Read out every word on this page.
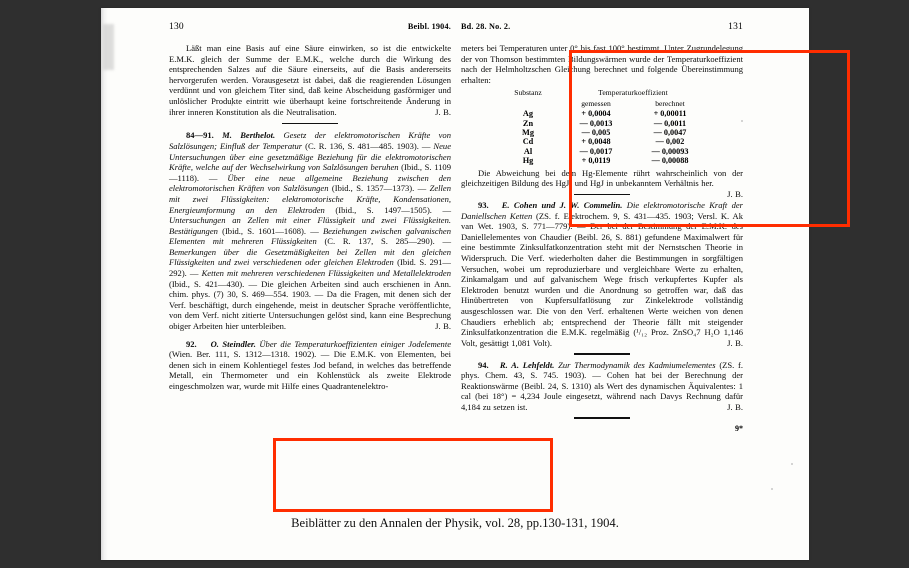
130	Beibl. 1904.

Läßt man eine Basis auf eine Säure einwirken, so ist die entwickelte E.M.K. gleich der Summe der E.M.K., welche durch die Wirkung des entsprechenden Salzes auf die Säure einerseits, auf die Basis andererseits hervorgerufen werden. Vorausgesetzt ist dabei, daß die reagierenden Lösungen verdünnt und von gleichem Titer sind, daß keine Abscheidung gasförmiger und unlöslicher Produkte eintritt wie überhaupt keine fortschreitende Änderung in ihrer inneren Konstitution als die Neutralisation.	J. B.

84—91. M. Berthelot. Gesetz der elektromotorischen Kräfte von Salzlösungen; Einfluß der Temperatur (C. R. 136, S. 481—485. 1903). — Neue Untersuchungen über eine gesetzmäßige Beziehung für die elektromotorischen Kräfte, welche auf der Wechselwirkung von Salzlösungen beruhen (Ibid., S. 1109—1118). — Über eine neue allgemeine Beziehung zwischen den elektromotorischen Kräften von Salzlösungen (Ibid., S. 1357—1373). — Zellen mit zwei Flüssigkeiten: elektromotorische Kräfte, Kondensationen, Energieumformung an den Elektroden (Ibid., S. 1497—1505). — Untersuchungen an Zellen mit einer Flüssigkeit und zwei Flüssigkeiten. Bestätigungen (Ibid., S. 1601—1608). — Beziehungen zwischen galvanischen Elementen mit mehreren Flüssigkeiten (C. R. 137, S. 285—290). — Bemerkungen über die Gesetzmäßigkeiten bei Zellen mit den gleichen Flüssigkeiten und zwei verschiedenen oder gleichen Elektroden (Ibid. S. 291—292). — Ketten mit mehreren verschiedenen Flüssigkeiten und Metallelektroden (Ibid., S. 421—430). — Die gleichen Arbeiten sind auch erschienen in Ann. chim. phys. (7) 30, S. 469—554. 1903. — Da die Fragen, mit denen sich der Verf. beschäftigt, durch eingehende, meist in deutscher Sprache veröffentlichte, von dem Verf. nicht zitierte Untersuchungen gelöst sind, kann eine Besprechung obiger Arbeiten hier unterbleiben.	J. B.

92. O. Steindler. Über die Temperaturkoeffizienten einiger Jodelemente (Wien. Ber. 111, S. 1312—1318. 1902). — Die E.M.K. von Elementen, bei denen sich in einem Kohlentiegel festes Jod befand, in welches das betreffende Metall, ein Thermometer und ein Kohlenstück als zweite Elektrode eingeschmolzen war, wurde mit Hilfe eines Quadrantenelektro-

Bd. 28. No. 2.	131

meters bei Temperaturen unter 0° bis fast 100° bestimmt. Unter Zugrundelegung der von Thomson bestimmten Bildungswärmen wurde der Temperaturkoeffizient nach der Helmholtzschen Gleichung berechnet und folgende Übereinstimmung erhalten:

Substanz	Temperaturkoeffizient	
	gemessen	berechnet
Ag	+ 0,0004	+ 0,00011
Zn	— 0,0013	— 0,0011
Mg	— 0,005	— 0,0047
Cd	+ 0,0048	— 0,002
Al	— 0,0017	— 0,00093
Hg	+ 0,0119	— 0,00088

Die Abweichung bei dem Hg-Elemente rührt wahrscheinlich von der gleichzeitigen Bildung des HgJ₂ und HgJ in unbekanntem Verhältnis her.
J. B.

93. E. Cohen und J. W. Commelin. Die elektromotorische Kraft der Daniellschen Ketten (ZS. f. Elektrochem. 9, S. 431—435. 1903; Versl. K. Ak van Wet. 1903, S. 771—779). — Der bei der Bestimmung der E.M.K. des Daniellelementes von Chaudier (Beibl. 26, S. 881) gefundene Maximalwert für eine bestimmte Zinksulfatkonzentration steht mit der Nernstschen Theorie in Widerspruch. Die Verf. wiederholten daher die Bestimmungen in sorgfältigen Versuchen, wobei um reproduzierbare und vergleichbare Werte zu erhalten, Zinkamalgam und auf galvanischem Wege frisch verkupfertes Kupfer als Elektroden benutzt wurden und die Anordnung so getroffen war, daß das Hinübertreten von Kupfersulfatlösung zur Zinkelektrode vollständig ausgeschlossen war. Die von den Verf. erhaltenen Werte weichen von denen Chaudiers erheblich ab; entsprechend der Theorie fällt mit steigender Zinksulfatkonzentration die E.M.K. regelmäßig (¹/₁₂ Proz. ZnSO₄7 H₂O 1,146 Volt, gesättigt 1,081 Volt).	J. B.

94. R. A. Lehfeldt. Zur Thermodynamik des Kadmiumelementes (ZS. f. phys. Chem. 43, S. 745. 1903). — Cohen hat bei der Berechnung der Reaktionswärme (Beibl. 24, S. 1310) als Wert des dynamischen Äquivalentes: 1 cal (bei 18°) = 4,234 Joule eingesetzt, während nach Davys Rechnung dafür 4,184 zu setzen ist.	J. B.

9*
Beiblätter zu den Annalen der Physik, vol. 28, pp.130-131, 1904.
